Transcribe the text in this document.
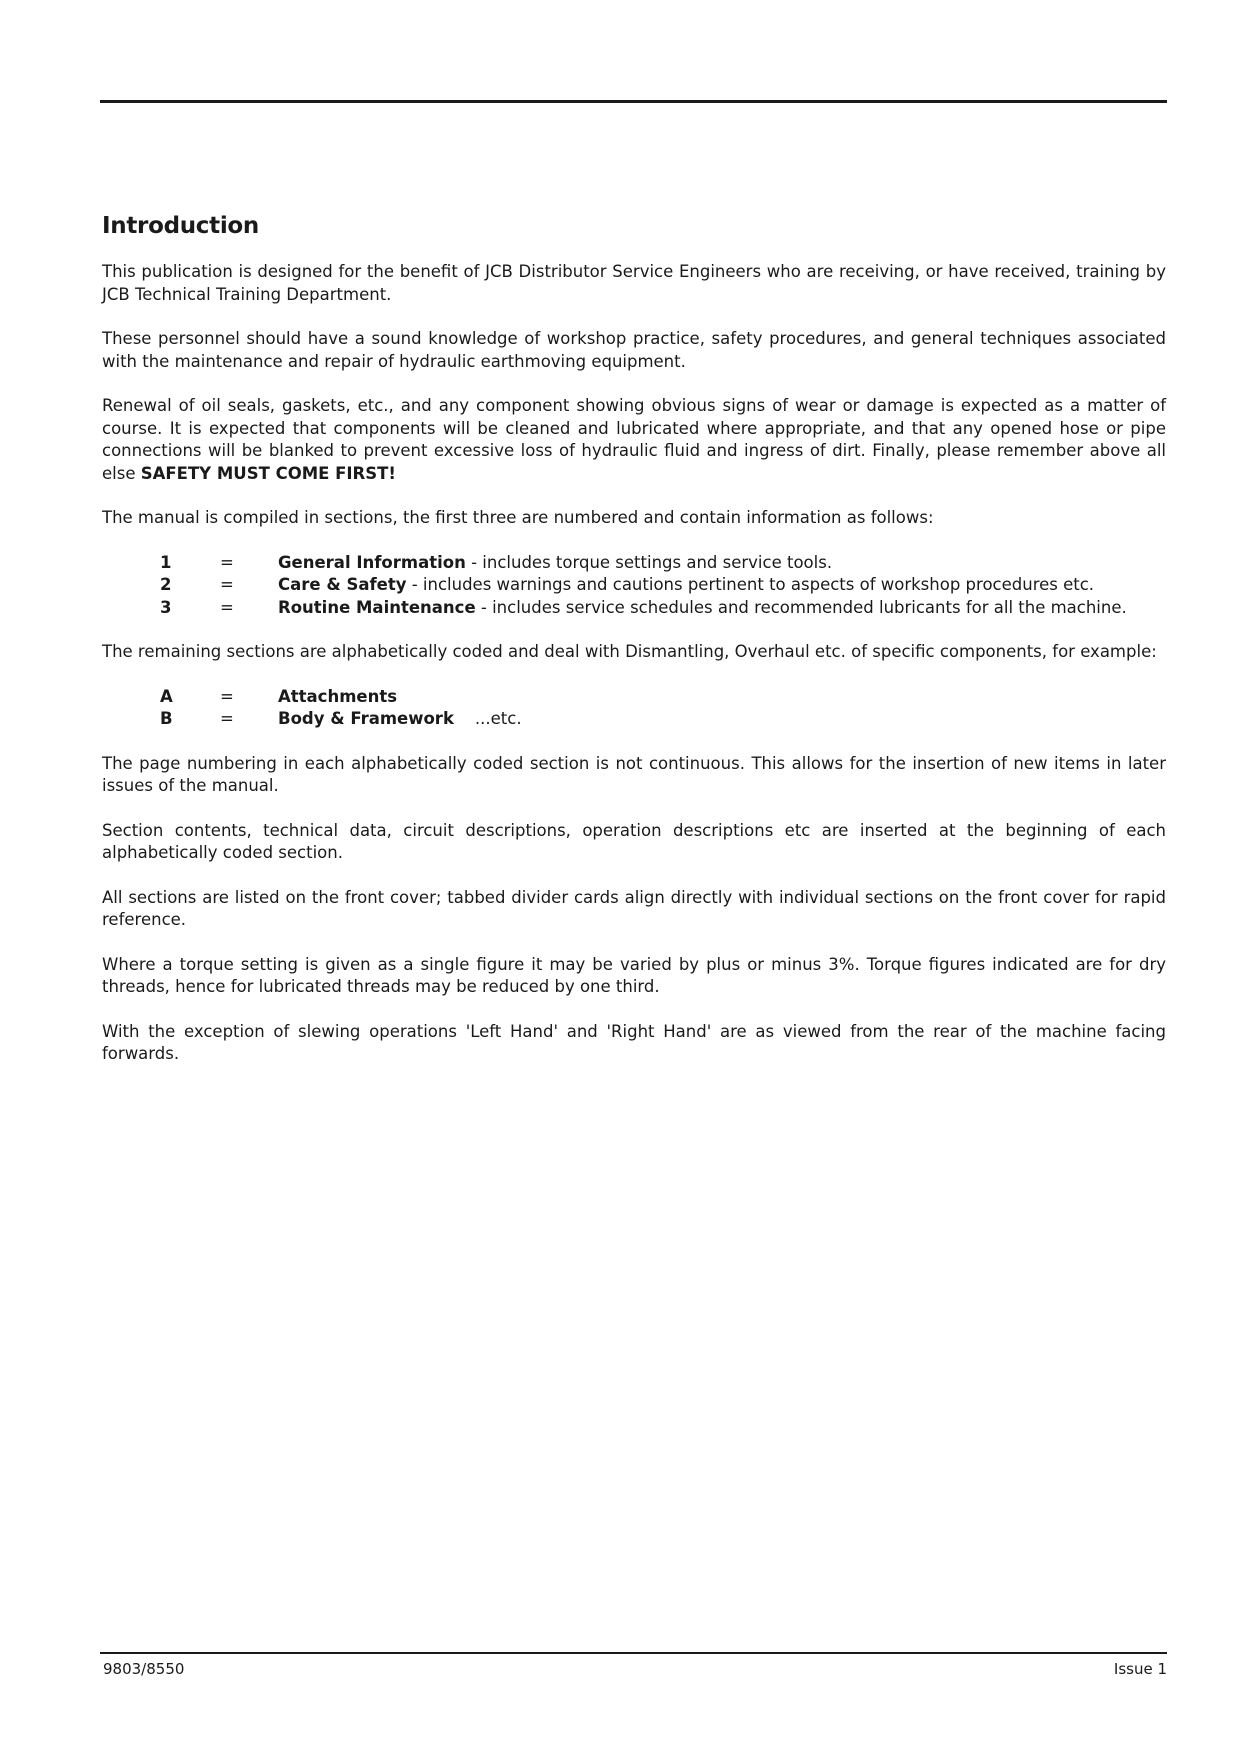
Introduction

This publication is designed for the benefit of JCB Distributor Service Engineers who are receiving, or have received, training by JCB Technical Training Department.

These personnel should have a sound knowledge of workshop practice, safety procedures, and general techniques associated with the maintenance and repair of hydraulic earthmoving equipment.

Renewal of oil seals, gaskets, etc., and any component showing obvious signs of wear or damage is expected as a matter of course. It is expected that components will be cleaned and lubricated where appropriate, and that any opened hose or pipe connections will be blanked to prevent excessive loss of hydraulic fluid and ingress of dirt. Finally, please remember above all else SAFETY MUST COME FIRST!

The manual is compiled in sections, the first three are numbered and contain information as follows:

1	=	General Information - includes torque settings and service tools.
2	=	Care & Safety - includes warnings and cautions pertinent to aspects of workshop procedures etc.
3	=	Routine Maintenance - includes service schedules and recommended lubricants for all the machine.

The remaining sections are alphabetically coded and deal with Dismantling, Overhaul etc. of specific components, for example:

A	=	Attachments
B	=	Body & Framework    ...etc.

The page numbering in each alphabetically coded section is not continuous. This allows for the insertion of new items in later issues of the manual.

Section contents, technical data, circuit descriptions, operation descriptions etc are inserted at the beginning of each alphabetically coded section.

All sections are listed on the front cover; tabbed divider cards align directly with individual sections on the front cover for rapid reference.

Where a torque setting is given as a single figure it may be varied by plus or minus 3%. Torque figures indicated are for dry threads, hence for lubricated threads may be reduced by one third.

With the exception of slewing operations 'Left Hand' and 'Right Hand' are as viewed from the rear of the machine facing forwards.

9803/8550	Issue 1
